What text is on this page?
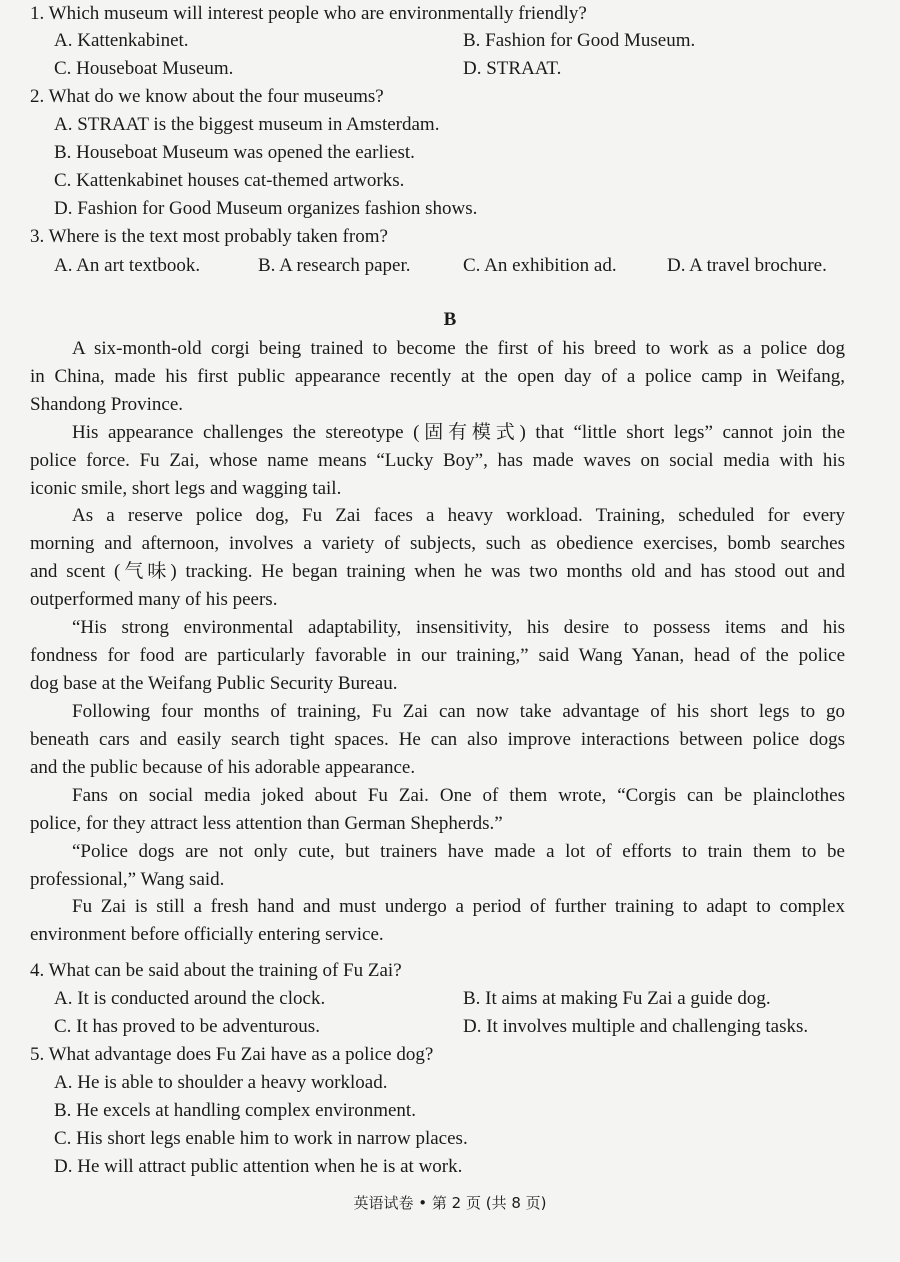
1. Which museum will interest people who are environmentally friendly?
A. Kattenkabinet.	B. Fashion for Good Museum.
C. Houseboat Museum.	D. STRAAT.
2. What do we know about the four museums?
A. STRAAT is the biggest museum in Amsterdam.
B. Houseboat Museum was opened the earliest.
C. Kattenkabinet houses cat-themed artworks.
D. Fashion for Good Museum organizes fashion shows.
3. Where is the text most probably taken from?
A. An art textbook.	B. A research paper.	C. An exhibition ad.	D. A travel brochure.
B
A six-month-old corgi being trained to become the first of his breed to work as a police dog
in China, made his first public appearance recently at the open day of a police camp in Weifang,
Shandong Province.
His appearance challenges the stereotype (固有模式) that “little short legs” cannot join the
police force. Fu Zai, whose name means “Lucky Boy”, has made waves on social media with his
iconic smile, short legs and wagging tail.
As a reserve police dog, Fu Zai faces a heavy workload. Training, scheduled for every
morning and afternoon, involves a variety of subjects, such as obedience exercises, bomb searches
and scent (气味) tracking. He began training when he was two months old and has stood out and
outperformed many of his peers.
“His strong environmental adaptability, insensitivity, his desire to possess items and his
fondness for food are particularly favorable in our training,” said Wang Yanan, head of the police
dog base at the Weifang Public Security Bureau.
Following four months of training, Fu Zai can now take advantage of his short legs to go
beneath cars and easily search tight spaces. He can also improve interactions between police dogs
and the public because of his adorable appearance.
Fans on social media joked about Fu Zai. One of them wrote, “Corgis can be plainclothes
police, for they attract less attention than German Shepherds.”
“Police dogs are not only cute, but trainers have made a lot of efforts to train them to be
professional,” Wang said.
Fu Zai is still a fresh hand and must undergo a period of further training to adapt to complex
environment before officially entering service.
4. What can be said about the training of Fu Zai?
A. It is conducted around the clock.	B. It aims at making Fu Zai a guide dog.
C. It has proved to be adventurous.	D. It involves multiple and challenging tasks.
5. What advantage does Fu Zai have as a police dog?
A. He is able to shoulder a heavy workload.
B. He excels at handling complex environment.
C. His short legs enable him to work in narrow places.
D. He will attract public attention when he is at work.
英语试卷 • 第 2 页 (共 8 页)
